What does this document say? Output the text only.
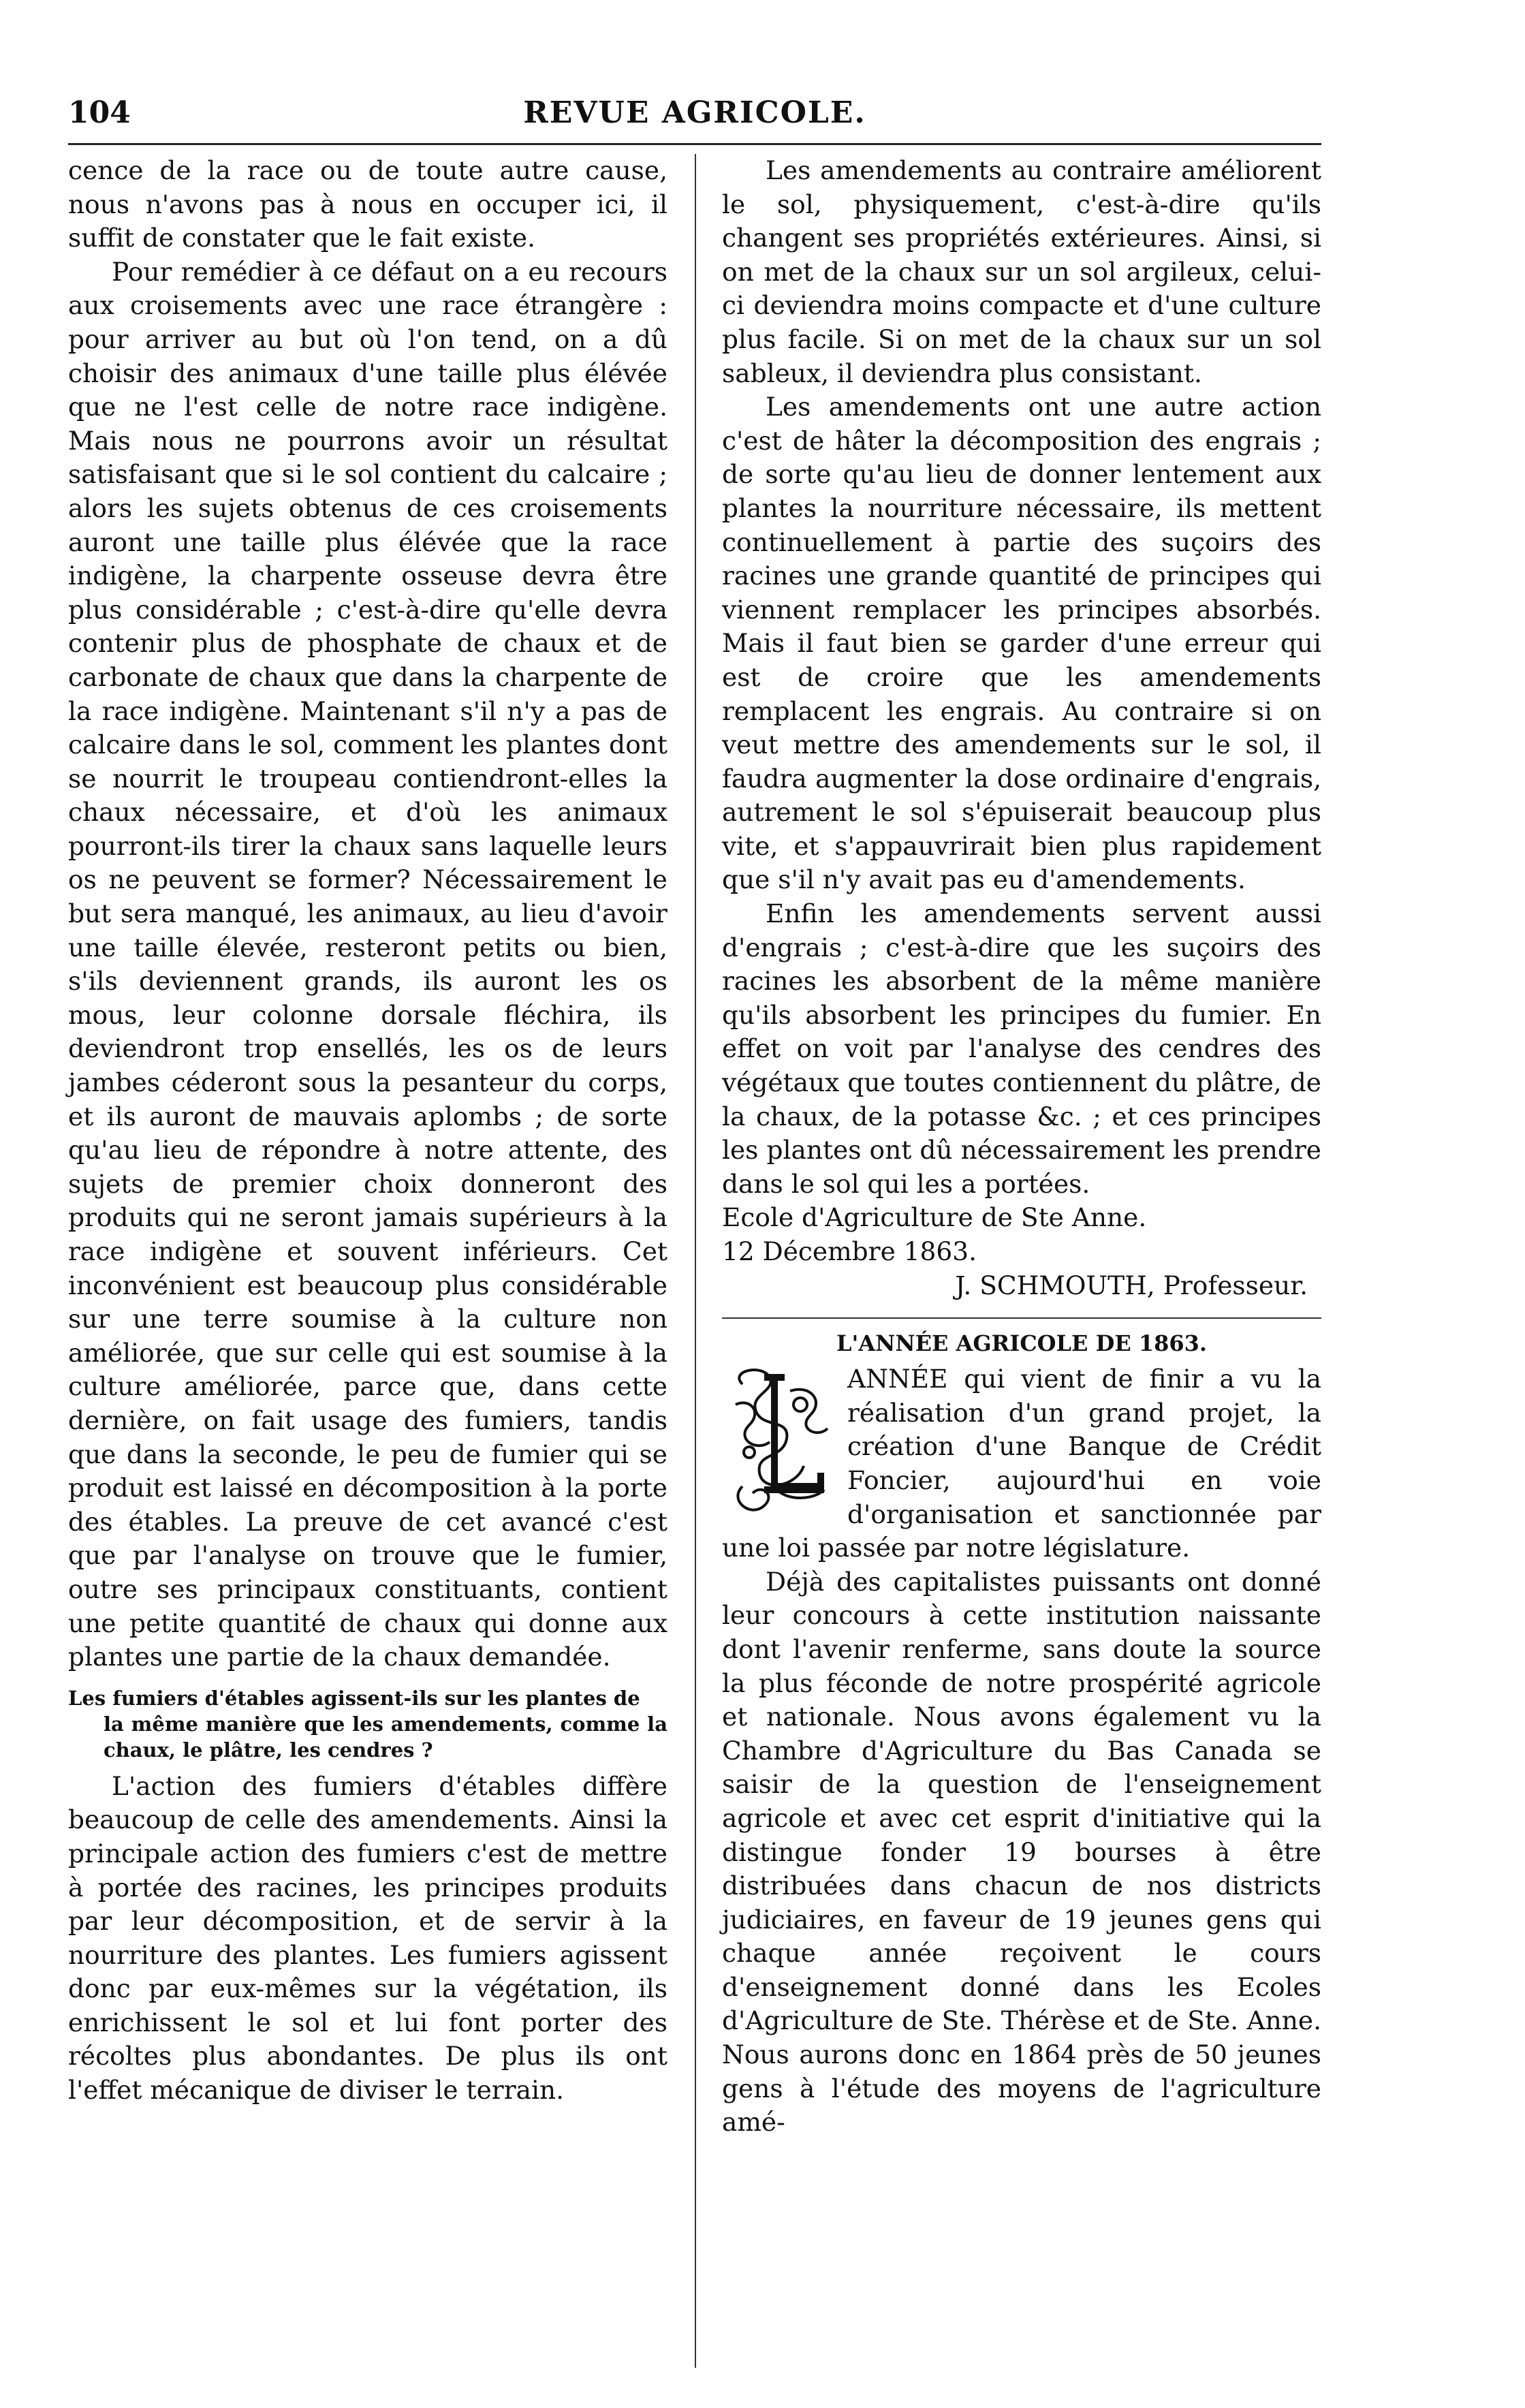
104	REVUE AGRICOLE.

cence de la race ou de toute autre cause, nous n'avons pas à nous en occuper ici, il suffit de constater que le fait existe.

Pour remédier à ce défaut on a eu recours aux croisements avec une race étrangère : pour arriver au but où l'on tend, on a dû choisir des animaux d'une taille plus élévée que ne l'est celle de notre race indigène. Mais nous ne pourrons avoir un résultat satisfaisant que si le sol contient du calcaire ; alors les sujets obtenus de ces croisements auront une taille plus élévée que la race indigène, la charpente osseuse devra être plus considérable ; c'est-à-dire qu'elle devra contenir plus de phosphate de chaux et de carbonate de chaux que dans la charpente de la race indigène. Maintenant s'il n'y a pas de calcaire dans le sol, comment les plantes dont se nourrit le troupeau contiendront-elles la chaux nécessaire, et d'où les animaux pourront-ils tirer la chaux sans laquelle leurs os ne peuvent se former? Nécessairement le but sera manqué, les animaux, au lieu d'avoir une taille élevée, resteront petits ou bien, s'ils deviennent grands, ils auront les os mous, leur colonne dorsale fléchira, ils deviendront trop ensellés, les os de leurs jambes céderont sous la pesanteur du corps, et ils auront de mauvais aplombs ; de sorte qu'au lieu de répondre à notre attente, des sujets de premier choix donneront des produits qui ne seront jamais supérieurs à la race indigène et souvent inférieurs. Cet inconvénient est beaucoup plus considérable sur une terre soumise à la culture non améliorée, que sur celle qui est soumise à la culture améliorée, parce que, dans cette dernière, on fait usage des fumiers, tandis que dans la seconde, le peu de fumier qui se produit est laissé en décomposition à la porte des étables. La preuve de cet avancé c'est que par l'analyse on trouve que le fumier, outre ses principaux constituants, contient une petite quantité de chaux qui donne aux plantes une partie de la chaux demandée.

Les fumiers d'étables agissent-ils sur les plantes de
la même manière que les amendements, comme la chaux, le plâtre, les cendres ?

L'action des fumiers d'étables diffère beaucoup de celle des amendements. Ainsi la principale action des fumiers c'est de mettre à portée des racines, les principes produits par leur décomposition, et de servir à la nourriture des plantes. Les fumiers agissent donc par eux-mêmes sur la végétation, ils enrichissent le sol et lui font porter des récoltes plus abondantes. De plus ils ont l'effet mécanique de diviser le terrain.

Les amendements au contraire améliorent le sol, physiquement, c'est-à-dire qu'ils changent ses propriétés extérieures. Ainsi, si on met de la chaux sur un sol argileux, celui-ci deviendra moins compacte et d'une culture plus facile. Si on met de la chaux sur un sol sableux, il deviendra plus consistant.

Les amendements ont une autre action c'est de hâter la décomposition des engrais ; de sorte qu'au lieu de donner lentement aux plantes la nourriture nécessaire, ils mettent continuellement à partie des suçoirs des racines une grande quantité de principes qui viennent remplacer les principes absorbés. Mais il faut bien se garder d'une erreur qui est de croire que les amendements remplacent les engrais. Au contraire si on veut mettre des amendements sur le sol, il faudra augmenter la dose ordinaire d'engrais, autrement le sol s'épuiserait beaucoup plus vite, et s'appauvrirait bien plus rapidement que s'il n'y avait pas eu d'amendements.

Enfin les amendements servent aussi d'engrais ; c'est-à-dire que les suçoirs des racines les absorbent de la même manière qu'ils absorbent les principes du fumier. En effet on voit par l'analyse des cendres des végétaux que toutes contiennent du plâtre, de la chaux, de la potasse &c. ; et ces principes les plantes ont dû nécessairement les prendre dans le sol qui les a portées.

Ecole d'Agriculture de Ste Anne.

12 Décembre 1863.

J. SCHMOUTH, Professeur.

L'ANNÉE AGRICOLE DE 1863.

ANNÉE qui vient de finir a vu la réalisation d'un grand projet, la création d'une Banque de Crédit Foncier, aujourd'hui en voie d'organisation et sanctionnée par une loi passée par notre législature.

Déjà des capitalistes puissants ont donné leur concours à cette institution naissante dont l'avenir renferme, sans doute la source la plus féconde de notre prospérité agricole et nationale. Nous avons également vu la Chambre d'Agriculture du Bas Canada se saisir de la question de l'enseignement agricole et avec cet esprit d'initiative qui la distingue fonder 19 bourses à être distribuées dans chacun de nos districts judiciaires, en faveur de 19 jeunes gens qui chaque année reçoivent le cours d'enseignement donné dans les Ecoles d'Agriculture de Ste. Thérèse et de Ste. Anne. Nous aurons donc en 1864 près de 50 jeunes gens à l'étude des moyens de l'agriculture amé-
